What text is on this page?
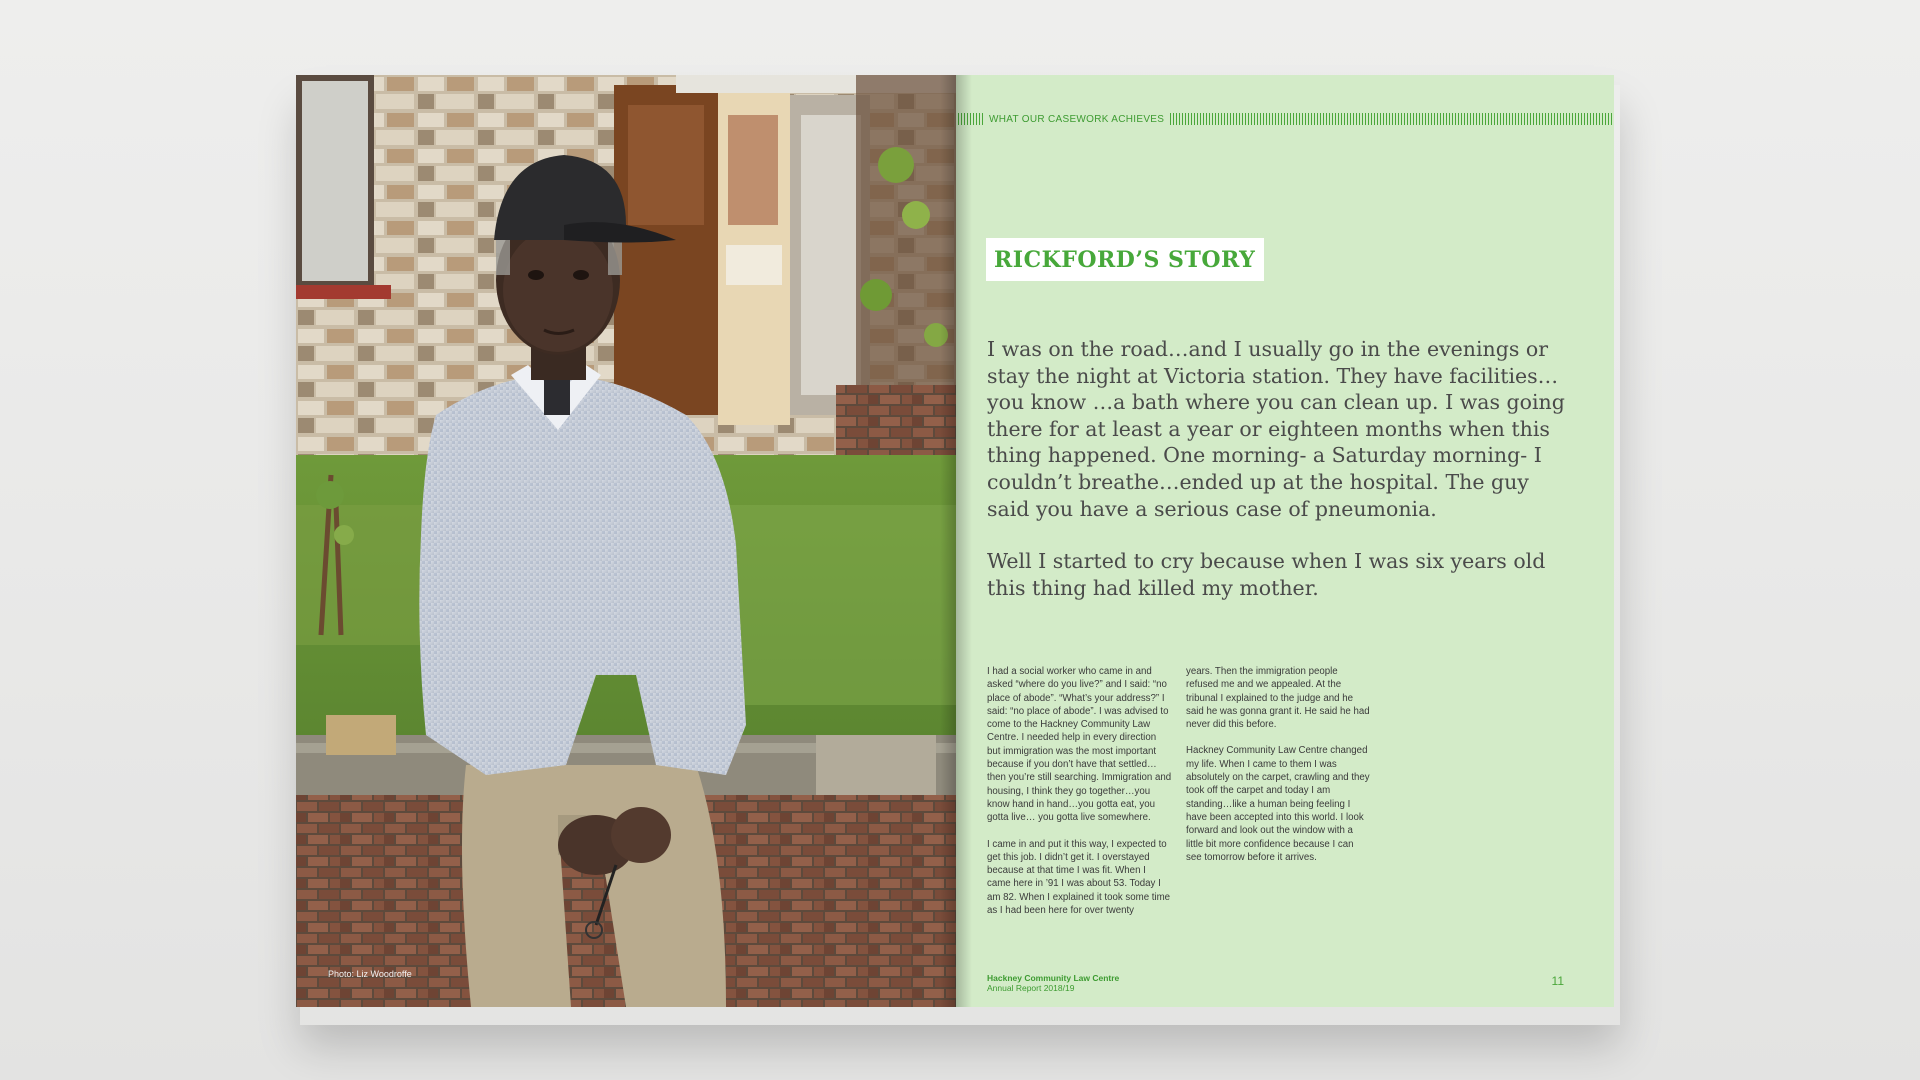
Photo: Liz Woodroffe
WHAT OUR CASEWORK ACHIEVES
RICKFORD’S STORY

I was on the road…and I usually go in the evenings or stay the night at Victoria station. They have facilities…you know …a bath where you can clean up. I was going there for at least a year or eighteen months when this thing happened. One morning- a Saturday morning- I couldn’t breathe…ended up at the hospital. The guy said you have a serious case of pneumonia.

Well I started to cry because when I was six years old this thing had killed my mother.

I had a social worker who came in and asked “where do you live?” and I said: “no place of abode”. “What’s your address?” I said: “no place of abode”. I was advised to come to the Hackney Community Law Centre. I needed help in every direction but immigration was the most important because if you don’t have that settled…then you’re still searching. Immigration and housing, I think they go together…you know hand in hand…you gotta eat, you gotta live… you gotta live somewhere.

I came in and put it this way, I expected to get this job. I didn’t get it. I overstayed because at that time I was fit. When I came here in ’91 I was about 53. Today I am 82. When I explained it took some time as I had been here for over twenty

years. Then the immigration people refused me and we appealed. At the tribunal I explained to the judge and he said he was gonna grant it. He said he had never did this before.

Hackney Community Law Centre changed my life. When I came to them I was absolutely on the carpet, crawling and they took off the carpet and today I am standing…like a human being feeling I have been accepted into this world. I look forward and look out the window with a little bit more confidence because I can see tomorrow before it arrives.

Hackney Community Law Centre
Annual Report 2018/19	11
